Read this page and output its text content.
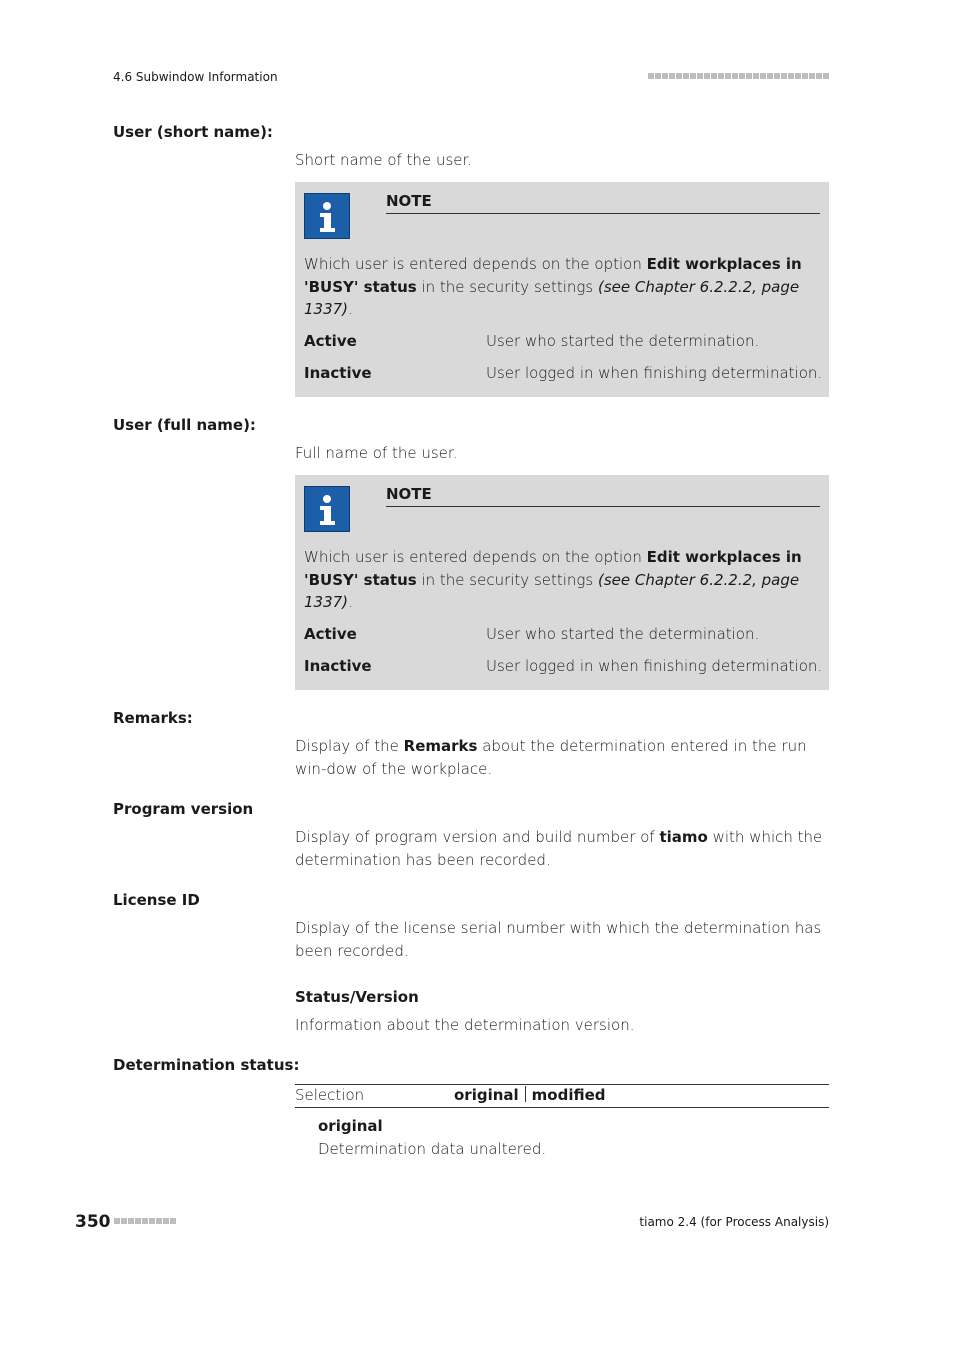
4.6 Subwindow Information
User (short name):
Short name of the user.
NOTE
Which user is entered depends on the option Edit workplaces in 'BUSY' status in the security settings (see Chapter 6.2.2.2, page 1337).
Active	User who started the determination.
Inactive	User logged in when finishing determination.
User (full name):
Full name of the user.
NOTE
Which user is entered depends on the option Edit workplaces in 'BUSY' status in the security settings (see Chapter 6.2.2.2, page 1337).
Active	User who started the determination.
Inactive	User logged in when finishing determination.
Remarks:
Display of the Remarks about the determination entered in the run win-dow of the workplace.
Program version
Display of program version and build number of tiamo with which the determination has been recorded.
License ID
Display of the license serial number with which the determination has been recorded.
Status/Version
Information about the determination version.
Determination status:
Selection	original modified
original
Determination data unaltered.
350	tiamo 2.4 (for Process Analysis)
